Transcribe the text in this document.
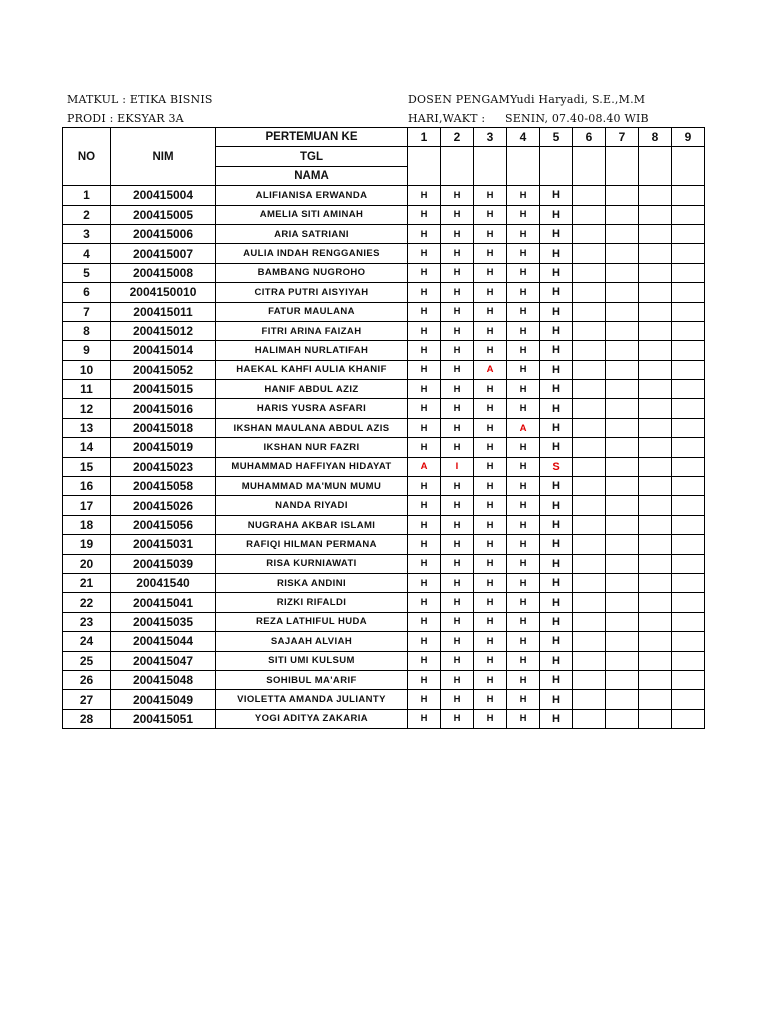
MATKUL : ETIKA BISNIS
PRODI : EKSYAR 3A
DOSEN PENGAMYudi Haryadi, S.E.,M.M
HARI,WAKT : SENIN, 07.40-08.40 WIB
NO	NIM	PERTEMUAN KE	1	2	3	4	5	6	7	8	9
		TGL									
		NAMA									
1	200415004	ALIFIANISA ERWANDA	H	H	H	H	H				
2	200415005	AMELIA SITI AMINAH	H	H	H	H	H				
3	200415006	ARIA SATRIANI	H	H	H	H	H				
4	200415007	AULIA INDAH RENGGANIES	H	H	H	H	H				
5	200415008	BAMBANG NUGROHO	H	H	H	H	H				
6	2004150010	CITRA PUTRI AISYIYAH	H	H	H	H	H				
7	200415011	FATUR MAULANA	H	H	H	H	H				
8	200415012	FITRI ARINA FAIZAH	H	H	H	H	H				
9	200415014	HALIMAH NURLATIFAH	H	H	H	H	H				
10	200415052	HAEKAL KAHFI AULIA KHANIF	H	H	A	H	H				
11	200415015	HANIF ABDUL AZIZ	H	H	H	H	H				
12	200415016	HARIS YUSRA ASFARI	H	H	H	H	H				
13	200415018	IKSHAN MAULANA ABDUL AZIS	H	H	H	A	H				
14	200415019	IKSHAN NUR FAZRI	H	H	H	H	H				
15	200415023	MUHAMMAD HAFFIYAN HIDAYAT	A	I	H	H	S				
16	200415058	MUHAMMAD MA'MUN MUMU	H	H	H	H	H				
17	200415026	NANDA RIYADI	H	H	H	H	H				
18	200415056	NUGRAHA AKBAR ISLAMI	H	H	H	H	H				
19	200415031	RAFIQI HILMAN PERMANA	H	H	H	H	H				
20	200415039	RISA KURNIAWATI	H	H	H	H	H				
21	20041540	RISKA ANDINI	H	H	H	H	H				
22	200415041	RIZKI RIFALDI	H	H	H	H	H				
23	200415035	REZA LATHIFUL HUDA	H	H	H	H	H				
24	200415044	SAJAAH ALVIAH	H	H	H	H	H				
25	200415047	SITI UMI KULSUM	H	H	H	H	H				
26	200415048	SOHIBUL MA'ARIF	H	H	H	H	H				
27	200415049	VIOLETTA AMANDA JULIANTY	H	H	H	H	H				
28	200415051	YOGI ADITYA ZAKARIA	H	H	H	H	H				
